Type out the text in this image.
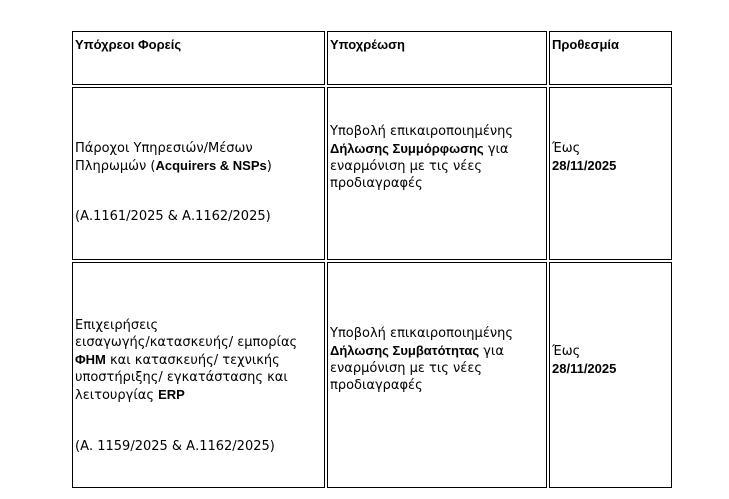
Υπόχρεοι Φορείς	Υποχρέωση	Προθεσμία

Πάροχοι Υπηρεσιών/Μέσων

Πληρωμών (Acquirers & NSPs)

(Α.1161/2025 & Α.1162/2025)

Υποβολή επικαιροποιημένης

Δήλωσης Συμμόρφωσης για

εναρμόνιση με τις νέες

προδιαγραφές

Έως

28/11/2025

Επιχειρήσεις

εισαγωγής/κατασκευής/ εμπορίας

ΦΗΜ και κατασκευής/ τεχνικής

υποστήριξης/ εγκατάστασης και

λειτουργίας ERP

(Α. 1159/2025 & Α.1162/2025)

Υποβολή επικαιροποιημένης

Δήλωσης Συμβατότητας για

εναρμόνιση με τις νέες

προδιαγραφές

Έως

28/11/2025
